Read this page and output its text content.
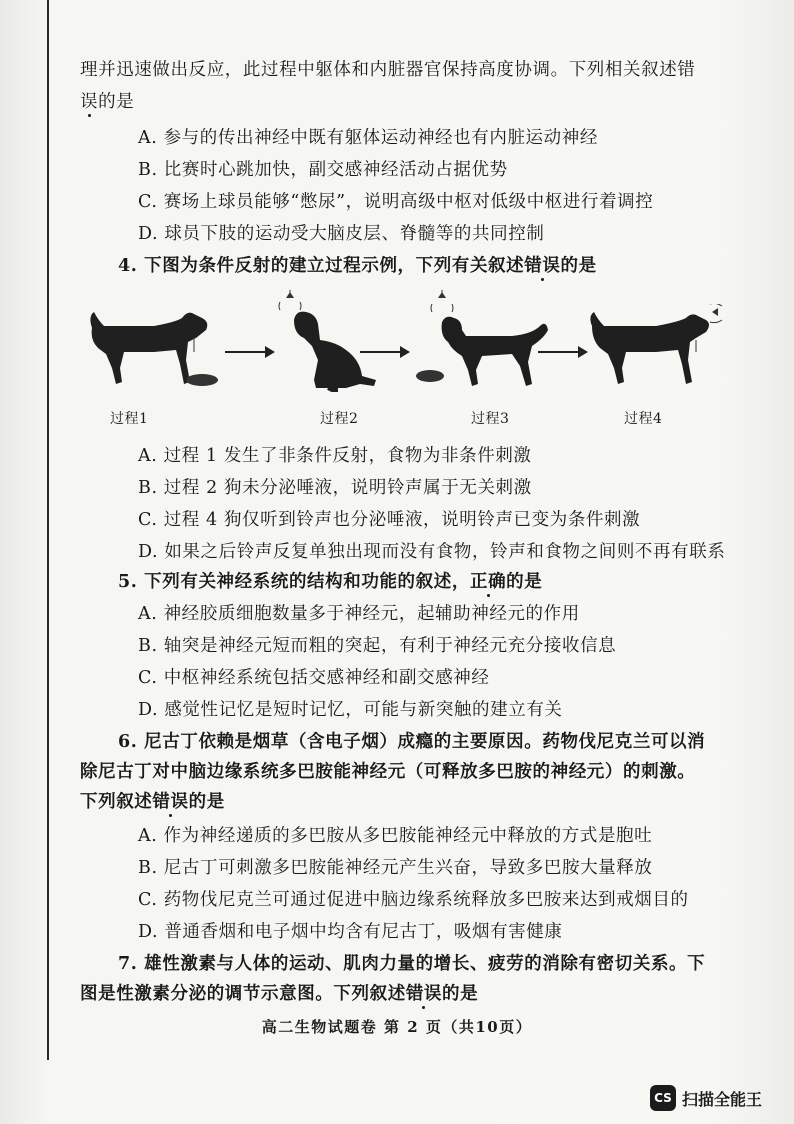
理并迅速做出反应，此过程中躯体和内脏器官保持高度协调。下列相关叙述错
误的是
A. 参与的传出神经中既有躯体运动神经也有内脏运动神经
B. 比赛时心跳加快，副交感神经活动占据优势
C. 赛场上球员能够“憋尿”，说明高级中枢对低级中枢进行着调控
D. 球员下肢的运动受大脑皮层、脊髓等的共同控制
4. 下图为条件反射的建立过程示例，下列有关叙述错误的是
过程1	过程2	过程3	过程4
A. 过程 1 发生了非条件反射，食物为非条件刺激
B. 过程 2 狗未分泌唾液，说明铃声属于无关刺激
C. 过程 4 狗仅听到铃声也分泌唾液，说明铃声已变为条件刺激
D. 如果之后铃声反复单独出现而没有食物，铃声和食物之间则不再有联系
5. 下列有关神经系统的结构和功能的叙述，正确的是
A. 神经胶质细胞数量多于神经元，起辅助神经元的作用
B. 轴突是神经元短而粗的突起，有利于神经元充分接收信息
C. 中枢神经系统包括交感神经和副交感神经
D. 感觉性记忆是短时记忆，可能与新突触的建立有关
6. 尼古丁依赖是烟草（含电子烟）成瘾的主要原因。药物伐尼克兰可以消
除尼古丁对中脑边缘系统多巴胺能神经元（可释放多巴胺的神经元）的刺激。
下列叙述错误的是
A. 作为神经递质的多巴胺从多巴胺能神经元中释放的方式是胞吐
B. 尼古丁可刺激多巴胺能神经元产生兴奋，导致多巴胺大量释放
C. 药物伐尼克兰可通过促进中脑边缘系统释放多巴胺来达到戒烟目的
D. 普通香烟和电子烟中均含有尼古丁，吸烟有害健康
7. 雄性激素与人体的运动、肌肉力量的增长、疲劳的消除有密切关系。下
图是性激素分泌的调节示意图。下列叙述错误的是
高二生物试题卷 第 2 页（共10页）
CS 扫描全能王
